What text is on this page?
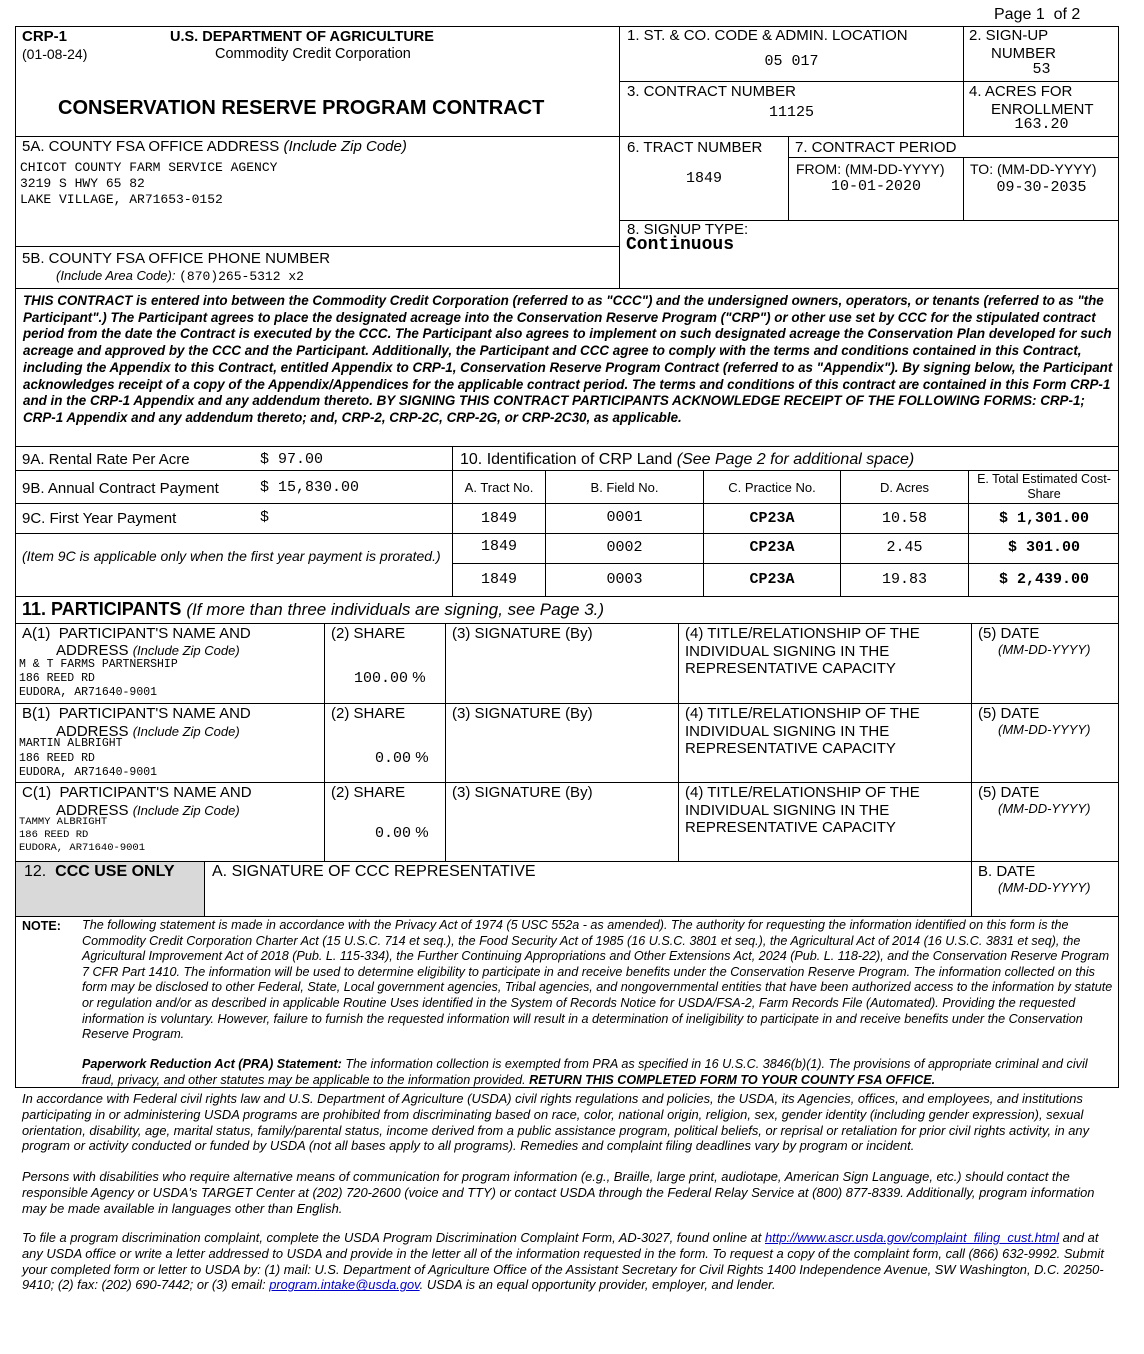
Page 1 of 2
CRP-1
(01-08-24)
U.S. DEPARTMENT OF AGRICULTURE
Commodity Credit Corporation
CONSERVATION RESERVE PROGRAM CONTRACT
1. ST. & CO. CODE & ADMIN. LOCATION
05 017
2. SIGN-UP
NUMBER
53
3. CONTRACT NUMBER
11125
4. ACRES FOR
ENROLLMENT
163.20
5A. COUNTY FSA OFFICE ADDRESS (Include Zip Code)
CHICOT COUNTY FARM SERVICE AGENCY
3219 S HWY 65 82
LAKE VILLAGE, AR71653-0152
5B. COUNTY FSA OFFICE PHONE NUMBER
(Include Area Code): (870)265-5312 x2
6. TRACT NUMBER
1849
7. CONTRACT PERIOD
FROM: (MM-DD-YYYY)
10-01-2020
TO: (MM-DD-YYYY)
09-30-2035
8. SIGNUP TYPE:
Continuous
THIS CONTRACT is entered into between the Commodity Credit Corporation (referred to as "CCC") and the undersigned owners, operators, or tenants (referred to as "the Participant".) The Participant agrees to place the designated acreage into the Conservation Reserve Program ("CRP") or other use set by CCC for the stipulated contract period from the date the Contract is executed by the CCC. The Participant also agrees to implement on such designated acreage the Conservation Plan developed for such acreage and approved by the CCC and the Participant. Additionally, the Participant and CCC agree to comply with the terms and conditions contained in this Contract, including the Appendix to this Contract, entitled Appendix to CRP-1, Conservation Reserve Program Contract (referred to as "Appendix"). By signing below, the Participant acknowledges receipt of a copy of the Appendix/Appendices for the applicable contract period. The terms and conditions of this contract are contained in this Form CRP-1 and in the CRP-1 Appendix and any addendum thereto. BY SIGNING THIS CONTRACT PARTICIPANTS ACKNOWLEDGE RECEIPT OF THE FOLLOWING FORMS: CRP-1; CRP-1 Appendix and any addendum thereto; and, CRP-2, CRP-2C, CRP-2G, or CRP-2C30, as applicable.
9A. Rental Rate Per Acre	$ 97.00
9B. Annual Contract Payment	$ 15,830.00
9C. First Year Payment	$
(Item 9C is applicable only when the first year payment is prorated.)
10. Identification of CRP Land (See Page 2 for additional space)
A. Tract No.	B. Field No.	C. Practice No.	D. Acres
E. Total Estimated Cost-Share
1849	0001	CP23A	10.58	$ 1,301.00
1849	0002	CP23A	2.45	$ 301.00
1849	0003	CP23A	19.83	$ 2,439.00
11. PARTICIPANTS (If more than three individuals are signing, see Page 3.)
A(1) PARTICIPANT'S NAME AND
ADDRESS (Include Zip Code)
M & T FARMS PARTNERSHIP
186 REED RD
EUDORA, AR71640-9001
(2) SHARE
100.00 %
(3) SIGNATURE (By)	(4) TITLE/RELATIONSHIP OF THE INDIVIDUAL SIGNING IN THE REPRESENTATIVE CAPACITY
(5) DATE
(MM-DD-YYYY)
B(1) PARTICIPANT'S NAME AND
ADDRESS (Include Zip Code)
MARTIN ALBRIGHT
186 REED RD
EUDORA, AR71640-9001
(2) SHARE
0.00 %
(3) SIGNATURE (By)	(4) TITLE/RELATIONSHIP OF THE INDIVIDUAL SIGNING IN THE REPRESENTATIVE CAPACITY
(5) DATE
(MM-DD-YYYY)
C(1) PARTICIPANT'S NAME AND
ADDRESS (Include Zip Code)
TAMMY ALBRIGHT
186 REED RD
EUDORA, AR71640-9001
(2) SHARE
0.00 %
(3) SIGNATURE (By)	(4) TITLE/RELATIONSHIP OF THE INDIVIDUAL SIGNING IN THE REPRESENTATIVE CAPACITY
(5) DATE
(MM-DD-YYYY)
12. CCC USE ONLY A. SIGNATURE OF CCC REPRESENTATIVE	B. DATE
(MM-DD-YYYY)
NOTE: The following statement is made in accordance with the Privacy Act of 1974 (5 USC 552a - as amended). The authority for requesting the information identified on this form is the Commodity Credit Corporation Charter Act (15 U.S.C. 714 et seq.), the Food Security Act of 1985 (16 U.S.C. 3801 et seq.), the Agricultural Act of 2014 (16 U.S.C. 3831 et seq), the Agricultural Improvement Act of 2018 (Pub. L. 115-334), the Further Continuing Appropriations and Other Extensions Act, 2024 (Pub. L. 118-22), and the Conservation Reserve Program 7 CFR Part 1410. The information will be used to determine eligibility to participate in and receive benefits under the Conservation Reserve Program. The information collected on this form may be disclosed to other Federal, State, Local government agencies, Tribal agencies, and nongovernmental entities that have been authorized access to the information by statute or regulation and/or as described in applicable Routine Uses identified in the System of Records Notice for USDA/FSA-2, Farm Records File (Automated). Providing the requested information is voluntary. However, failure to furnish the requested information will result in a determination of ineligibility to participate in and receive benefits under the Conservation Reserve Program.
Paperwork Reduction Act (PRA) Statement: The information collection is exempted from PRA as specified in 16 U.S.C. 3846(b)(1). The provisions of appropriate criminal and civil fraud, privacy, and other statutes may be applicable to the information provided. RETURN THIS COMPLETED FORM TO YOUR COUNTY FSA OFFICE.
In accordance with Federal civil rights law and U.S. Department of Agriculture (USDA) civil rights regulations and policies, the USDA, its Agencies, offices, and employees, and institutions participating in or administering USDA programs are prohibited from discriminating based on race, color, national origin, religion, sex, gender identity (including gender expression), sexual orientation, disability, age, marital status, family/parental status, income derived from a public assistance program, political beliefs, or reprisal or retaliation for prior civil rights activity, in any program or activity conducted or funded by USDA (not all bases apply to all programs). Remedies and complaint filing deadlines vary by program or incident.
Persons with disabilities who require alternative means of communication for program information (e.g., Braille, large print, audiotape, American Sign Language, etc.) should contact the responsible Agency or USDA's TARGET Center at (202) 720-2600 (voice and TTY) or contact USDA through the Federal Relay Service at (800) 877-8339. Additionally, program information may be made available in languages other than English.
To file a program discrimination complaint, complete the USDA Program Discrimination Complaint Form, AD-3027, found online at http://www.ascr.usda.gov/complaint_filing_cust.html and at any USDA office or write a letter addressed to USDA and provide in the letter all of the information requested in the form. To request a copy of the complaint form, call (866) 632-9992. Submit your completed form or letter to USDA by: (1) mail: U.S. Department of Agriculture Office of the Assistant Secretary for Civil Rights 1400 Independence Avenue, SW Washington, D.C. 20250-9410; (2) fax: (202) 690-7442; or (3) email: program.intake@usda.gov. USDA is an equal opportunity provider, employer, and lender.
